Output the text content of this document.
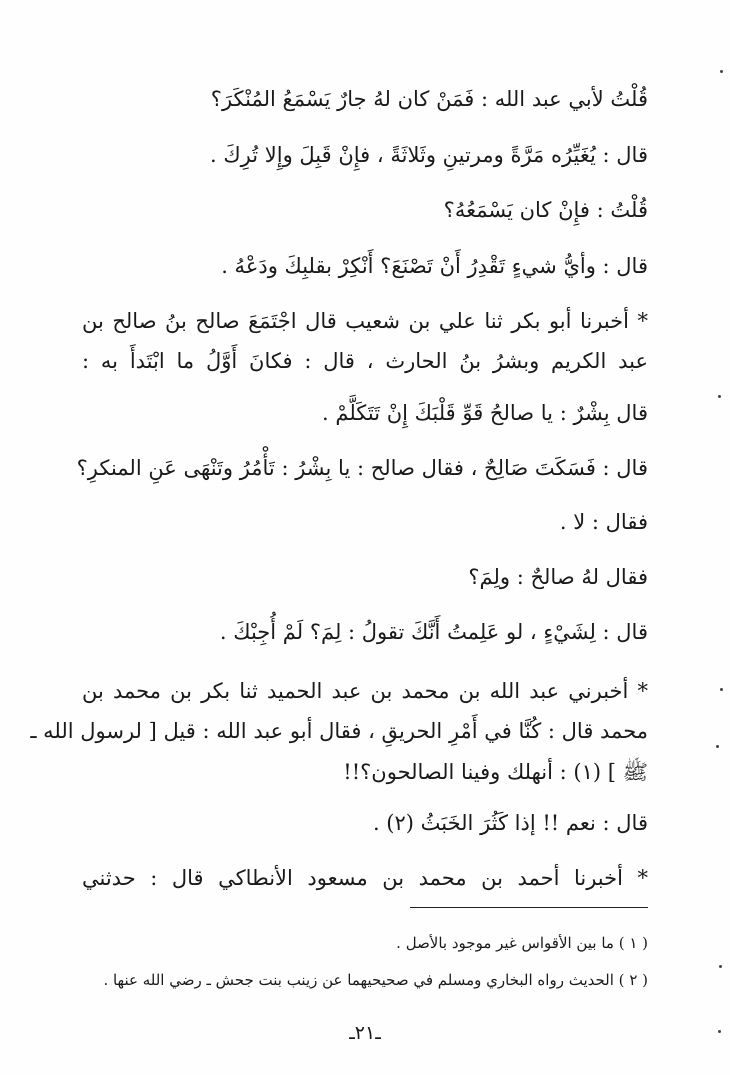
قُلْتُ لأبي عبد الله : فَمَنْ كان لهُ جارٌ يَسْمَعُ المُنْكَرَ؟
قال : يُغَيِّرُه مَرَّةً ومرتينِ وثَلاثَةً ، فإِنْ قَبِلَ وإِلا تُرِكَ .
قُلْتُ : فإِنْ كان يَسْمَعُهُ؟
قال : وأيُّ شيءٍ تَقْدِرُ أَنْ تَصْنَعَ؟ أَنْكِرْ بقلبِكَ ودَعْهُ .
* أخبرنا أبو بكر ثنا علي بن شعيب قال اجْتَمَعَ صالح بنُ صالح بن
عبد الكريم وبشرُ بنُ الحارث ، قال : فكانَ أَوَّلُ ما ابْتَدأَ به :
قال بِشْرٌ : يا صالحُ قَوِّ قَلْبَكَ إِنْ تَتَكَلَّمْ .
قال : فَسَكَتَ صَالِحٌ ، فقال صالح : يا بِشْرُ : تَأْمُرُ وتَنْهَى عَنِ المنكرِ؟
فقال : لا .
فقال لهُ صالحٌ : ولِمَ؟
قال : لِشَيْءٍ ، لو عَلِمتُ أَنَّكَ تقولُ : لِمَ؟ لَمْ أُجِبْكَ .
* أخبرني عبد الله بن محمد بن عبد الحميد ثنا بكر بن محمد بن
محمد قال : كُنَّا في أَمْرِ الحريقِ ، فقال أبو عبد الله : قيل [ لرسول الله ـ
ﷺ ] (١) : أنهلك وفينا الصالحون؟!!
قال : نعم !! إذا كَثُرَ الخَبَثُ (٢) .
* أخبرنا أحمد بن محمد بن مسعود الأنطاكي قال : حدثني
( ١ ) ما بين الأقواس غير موجود بالأصل .
( ٢ ) الحديث رواه البخاري ومسلم في صحيحيهما عن زينب بنت جحش ـ رضي الله عنها .
ـ٢١ـ
